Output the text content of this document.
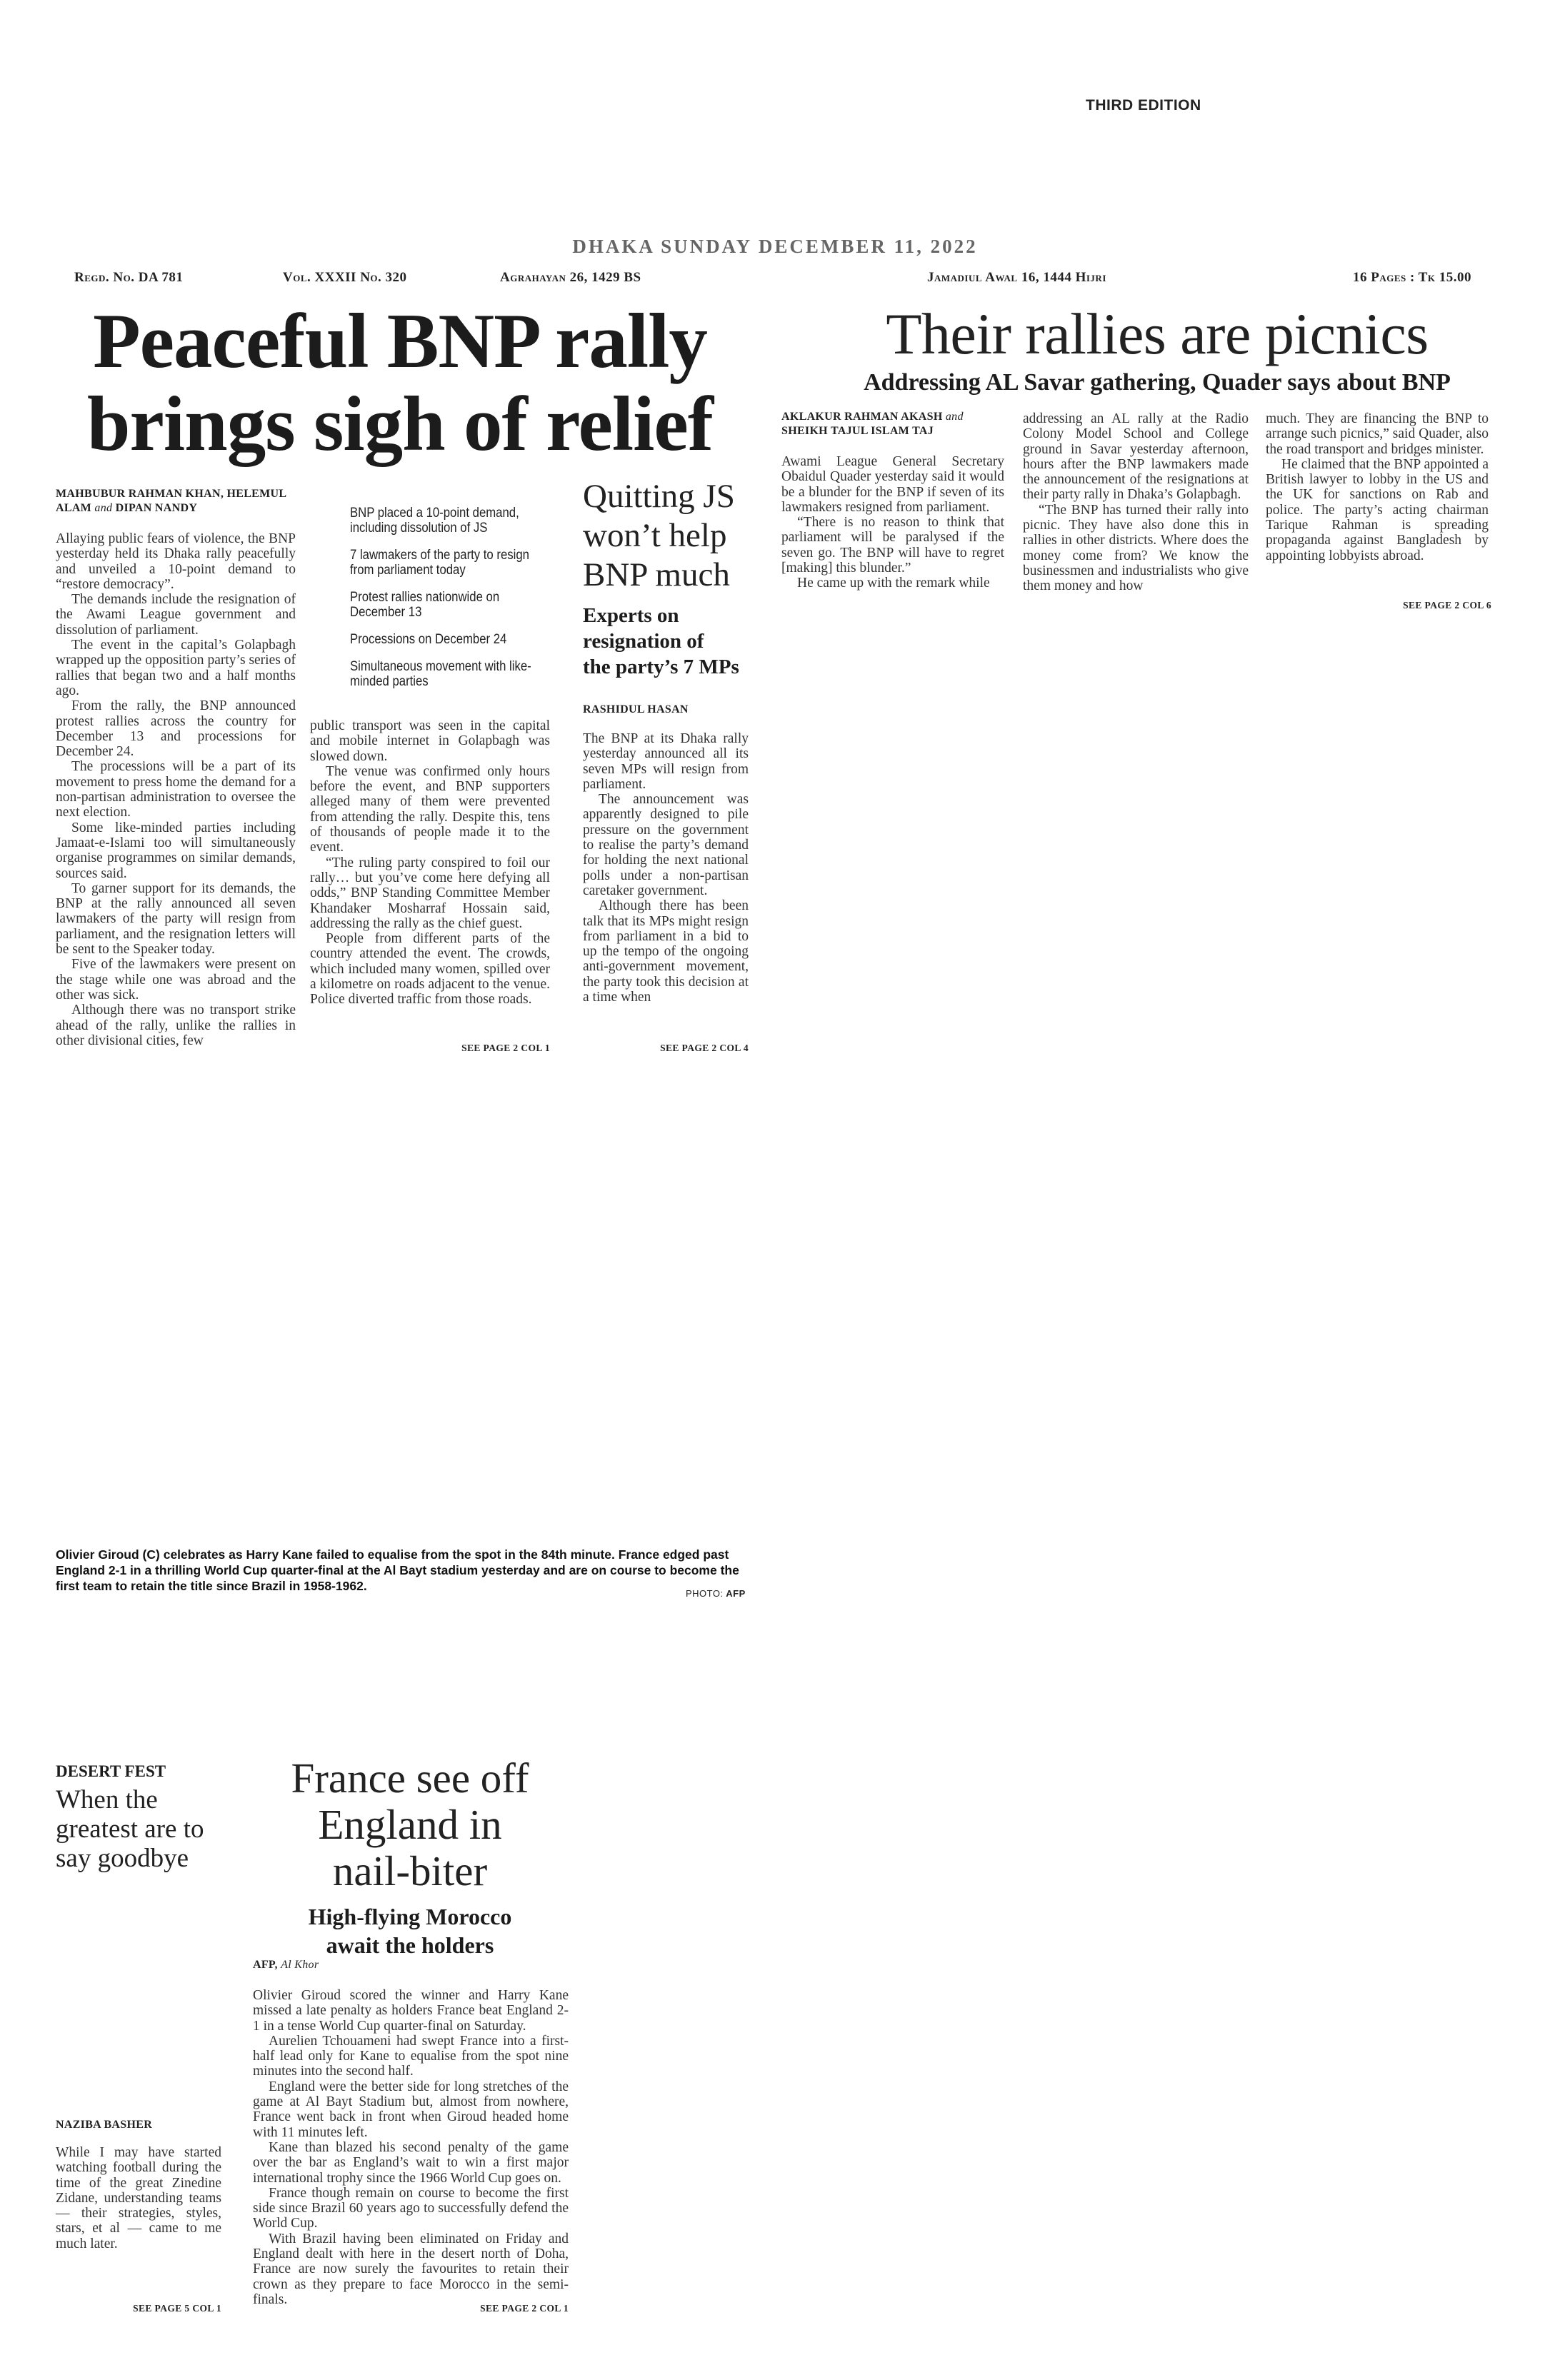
THIRD EDITION
DHAKA SUNDAY DECEMBER 11, 2022
Regd. No. DA 781	Vol. XXXII No. 320	Agrahayan 26, 1429 BS	Jamadiul Awal 16, 1444 Hijri	16 Pages : Tk 15.00
Peaceful BNP rally
brings sigh of relief
MAHBUBUR RAHMAN KHAN, HELEMUL ALAM and DIPAN NANDY

Allaying public fears of violence, the BNP yesterday held its Dhaka rally peacefully and unveiled a 10-point demand to “restore democracy”.

The demands include the resignation of the Awami League government and dissolution of parliament.

The event in the capital’s Golapbagh wrapped up the opposition party’s series of rallies that began two and a half months ago.

From the rally, the BNP announced protest rallies across the country for December 13 and processions for December 24.

The processions will be a part of its movement to press home the demand for a non-partisan administration to oversee the next election.

Some like-minded parties including Jamaat-e-Islami too will simultaneously organise programmes on similar demands, sources said.

To garner support for its demands, the BNP at the rally announced all seven lawmakers of the party will resign from parliament, and the resignation letters will be sent to the Speaker today.

Five of the lawmakers were present on the stage while one was abroad and the other was sick.

Although there was no transport strike ahead of the rally, unlike the rallies in other divisional cities, few

BNP placed a 10-point demand, including dissolution of JS
7 lawmakers of the party to resign from parliament today
Protest rallies nationwide on December 13
Processions on December 24
Simultaneous movement with like-minded parties

public transport was seen in the capital and mobile internet in Golapbagh was slowed down.

The venue was confirmed only hours before the event, and BNP supporters alleged many of them were prevented from attending the rally. Despite this, tens of thousands of people made it to the event.

“The ruling party conspired to foil our rally… but you’ve come here defying all odds,” BNP Standing Committee Member Khandaker Mosharraf Hossain said, addressing the rally as the chief guest.

People from different parts of the country attended the event. The crowds, which included many women, spilled over a kilometre on roads adjacent to the venue. Police diverted traffic from those roads.

SEE PAGE 2 COL 1
Quitting JS
won’t help
BNP much
Experts on
resignation of
the party’s 7 MPs
RASHIDUL HASAN

The BNP at its Dhaka rally yesterday announced all its seven MPs will resign from parliament.

The announcement was apparently designed to pile pressure on the government to realise the party’s demand for holding the next national polls under a non-partisan caretaker government.

Although there has been talk that its MPs might resign from parliament in a bid to up the tempo of the ongoing anti-government movement, the party took this decision at a time when

SEE PAGE 2 COL 4
Their rallies are picnics
Addressing AL Savar gathering, Quader says about BNP
AKLAKUR RAHMAN AKASH and
SHEIKH TAJUL ISLAM TAJ

Awami League General Secretary Obaidul Quader yesterday said it would be a blunder for the BNP if seven of its lawmakers resigned from parliament.

“There is no reason to think that parliament will be paralysed if the seven go. The BNP will have to regret [making] this blunder.”

He came up with the remark while

addressing an AL rally at the Radio Colony Model School and College ground in Savar yesterday afternoon, hours after the BNP lawmakers made the announcement of the resignations at their party rally in Dhaka’s Golapbagh.

“The BNP has turned their rally into picnic. They have also done this in rallies in other districts. Where does the money come from? We know the businessmen and industrialists who give them money and how

much. They are financing the BNP to arrange such picnics,” said Quader, also the road transport and bridges minister.

He claimed that the BNP appointed a British lawyer to lobby in the US and the UK for sanctions on Rab and police. The party’s acting chairman Tarique Rahman is spreading propaganda against Bangladesh by appointing lobbyists abroad.

SEE PAGE 2 COL 6
Olivier Giroud (C) celebrates as Harry Kane failed to equalise from the spot in the 84th minute. France edged past England 2-1 in a thrilling World Cup quarter-final at the Al Bayt stadium yesterday and are on course to become the first team to retain the title since Brazil in 1958-1962.
PHOTO: AFP
DESERT FEST
When the
greatest are to
say goodbye
NAZIBA BASHER

While I may have started watching football during the time of the great Zinedine Zidane, understanding teams — their strategies, styles, stars, et al — came to me much later.

SEE PAGE 5 COL 1
France see off
England in
nail-biter
High-flying Morocco
await the holders
AFP, Al Khor

Olivier Giroud scored the winner and Harry Kane missed a late penalty as holders France beat England 2-1 in a tense World Cup quarter-final on Saturday.

Aurelien Tchouameni had swept France into a first-half lead only for Kane to equalise from the spot nine minutes into the second half.

England were the better side for long stretches of the game at Al Bayt Stadium but, almost from nowhere, France went back in front when Giroud headed home with 11 minutes left.

Kane than blazed his second penalty of the game over the bar as England’s wait to win a first major international trophy since the 1966 World Cup goes on.

France though remain on course to become the first side since Brazil 60 years ago to successfully defend the World Cup.

With Brazil having been eliminated on Friday and England dealt with here in the desert north of Doha, France are now surely the favourites to retain their crown as they prepare to face Morocco in the semi-finals.

SEE PAGE 2 COL 1
